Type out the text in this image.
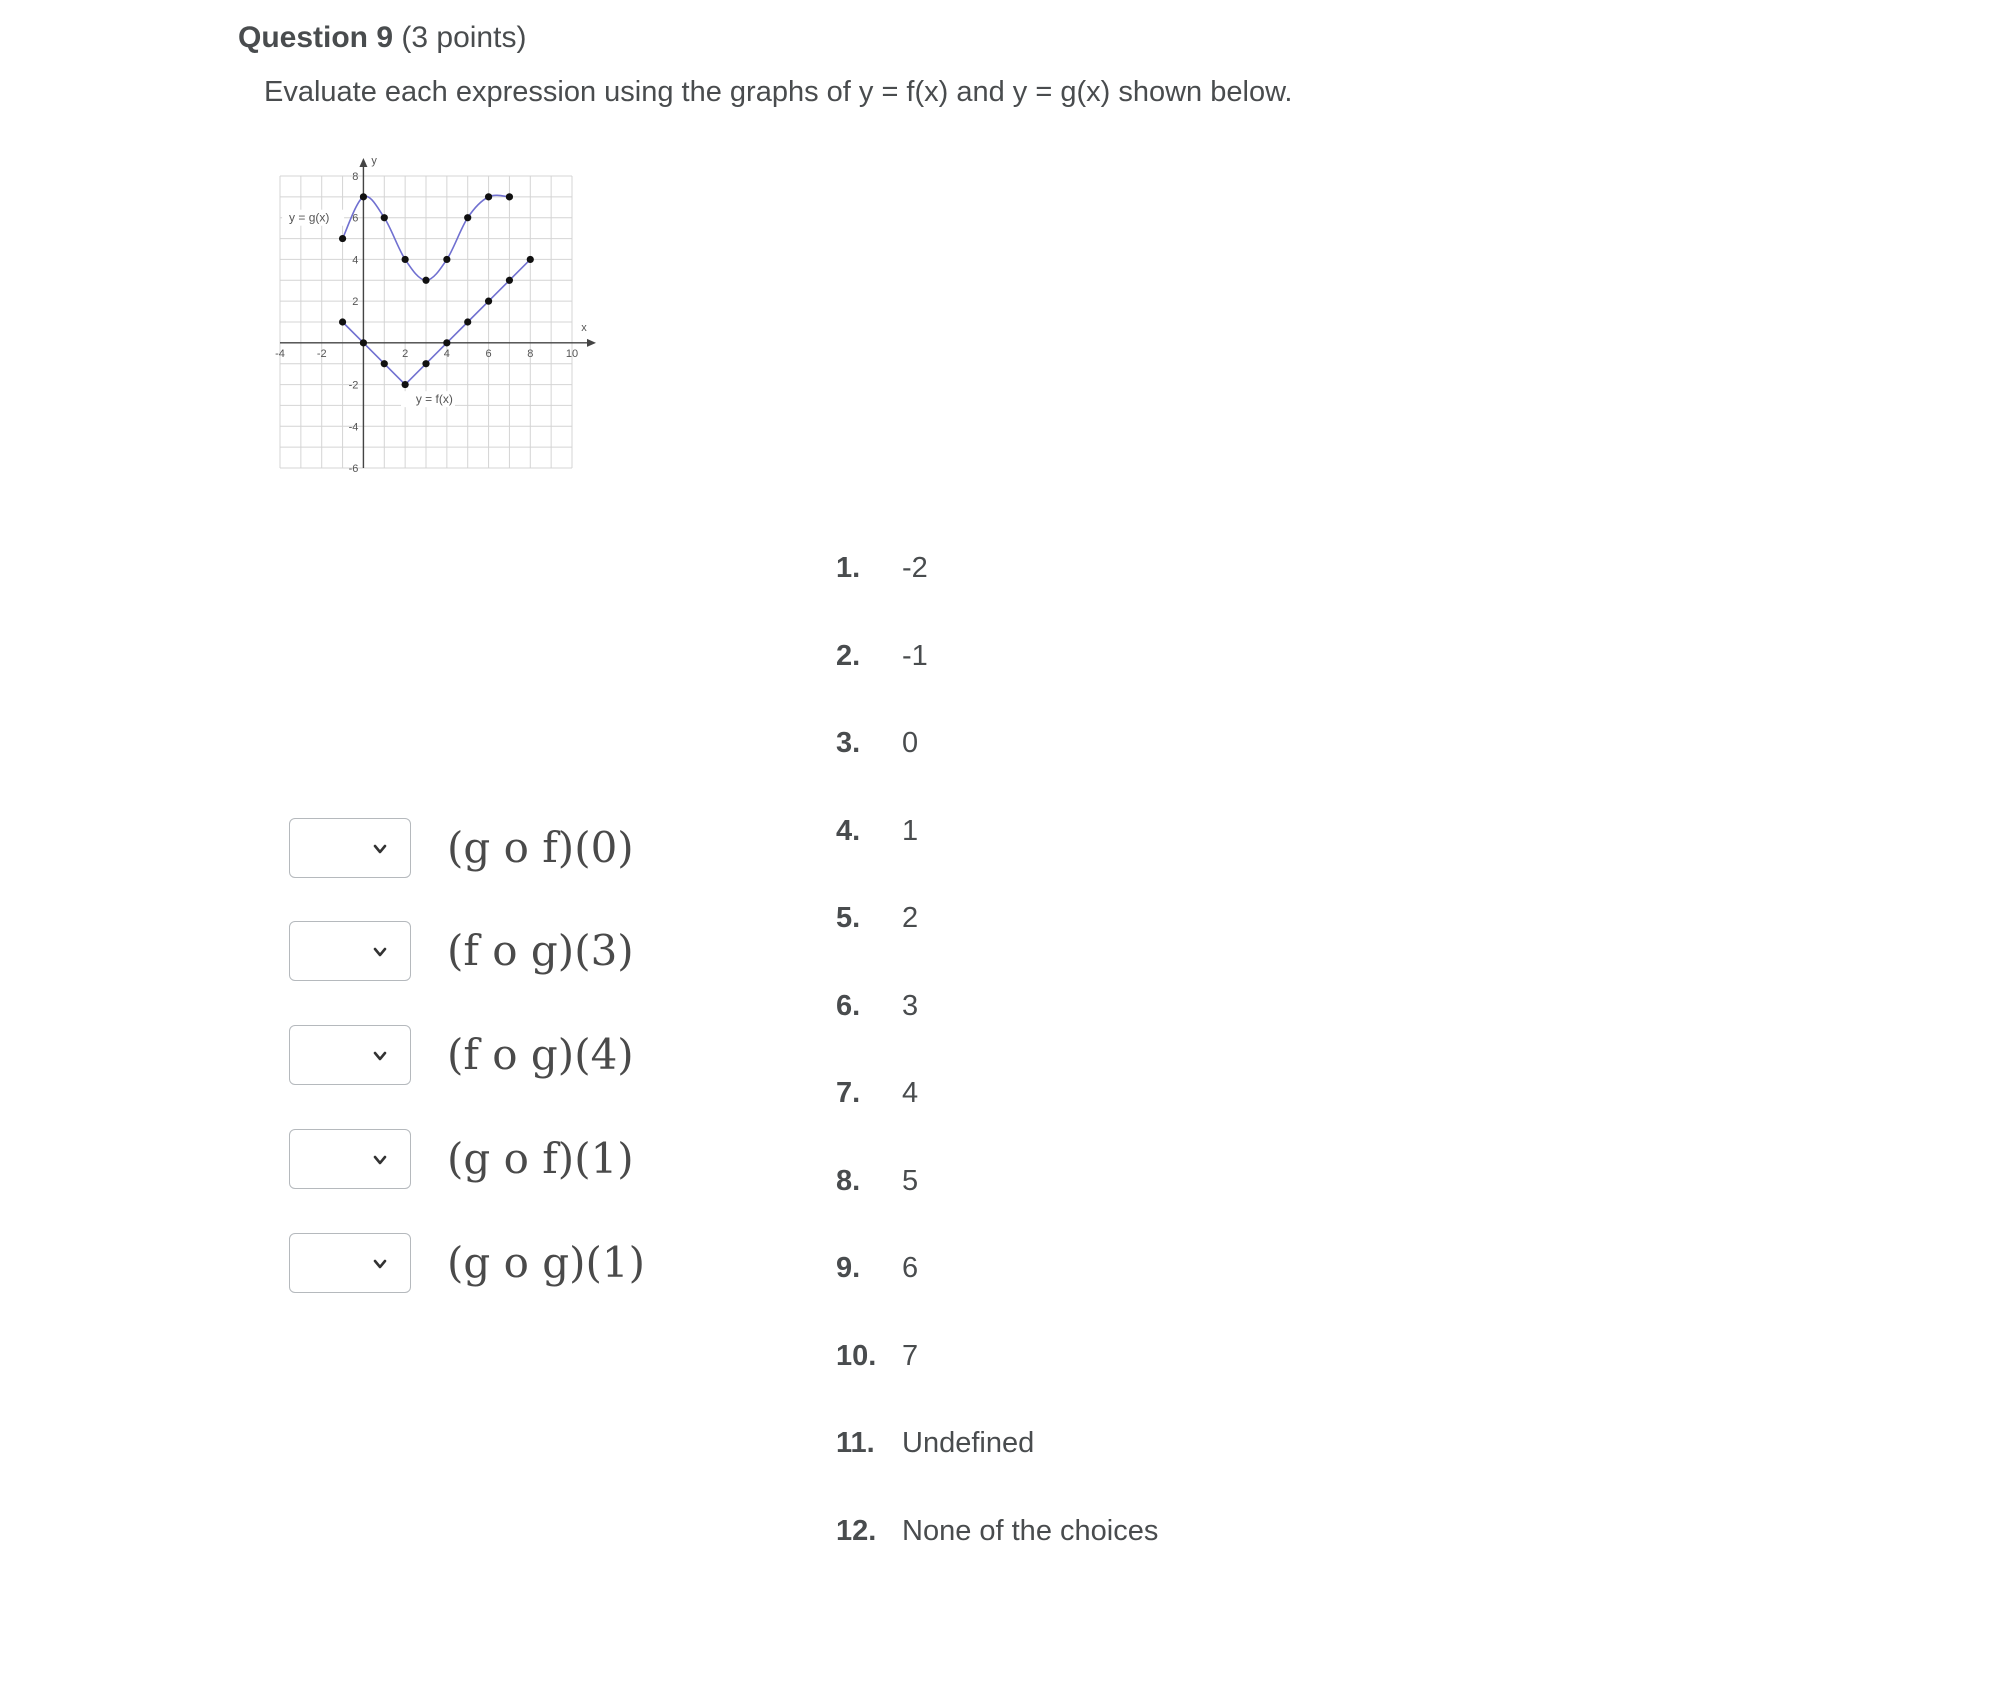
Question 9 (3 points)
Evaluate each expression using the graphs of y = f(x) and y = g(x) shown below.
-4	-2	2	4	6	8	10
8
6
4
2
-2
-4
-6
x
y
y = g(x)
y = f(x)
(g o f)(0)
(f o g)(3)
(f o g)(4)
(g o f)(1)
(g o g)(1)
1. -2
2. -1
3. 0
4. 1
5. 2
6. 3
7. 4
8. 5
9. 6
10. 7
11. Undefined
12. None of the choices
